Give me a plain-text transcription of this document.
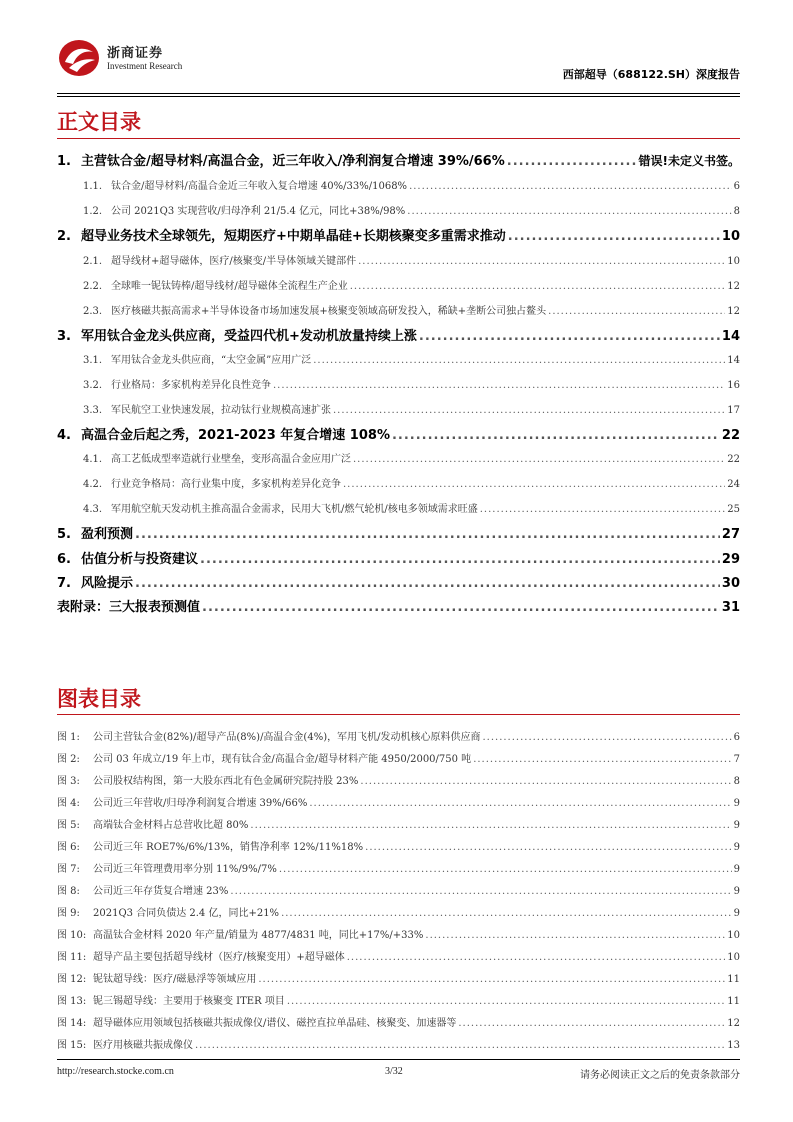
浙商证券
Investment Research
西部超导（688122.SH）深度报告
正文目录
1. 主营钛合金/超导材料/高温合金，近三年收入/净利润复合增速 39%/66% .....	错误!未定义书签。
1.1. 钛合金/超导材料/高温合金近三年收入复合增速 40%/33%/1068% .....	6
1.2. 公司 2021Q3 实现营收/归母净利 21/5.4 亿元，同比+38%/98% .....	8
2. 超导业务技术全球领先，短期医疗+中期单晶硅+长期核聚变多重需求推动 .....	10
2.1. 超导线材+超导磁体，医疗/核聚变/半导体领域关键部件 .....	10
2.2. 全球唯一铌钛铸棒/超导线材/超导磁体全流程生产企业 .....	12
2.3. 医疗核磁共振高需求+半导体设备市场加速发展+核聚变领域高研发投入，稀缺+垄断公司独占鳌头 .....	12
3. 军用钛合金龙头供应商，受益四代机+发动机放量持续上涨 .....	14
3.1. 军用钛合金龙头供应商，“太空金属”应用广泛 .....	14
3.2. 行业格局：多家机构差异化良性竞争 .....	16
3.3. 军民航空工业快速发展，拉动钛行业规模高速扩张 .....	17
4. 高温合金后起之秀，2021-2023 年复合增速 108% .....	22
4.1. 高工艺低成型率造就行业壁垒，变形高温合金应用广泛 .....	22
4.2. 行业竞争格局：高行业集中度，多家机构差异化竞争 .....	24
4.3. 军用航空航天发动机主推高温合金需求，民用大飞机/燃气轮机/核电多领域需求旺盛 .....	25
5. 盈利预测 .....	27
6. 估值分析与投资建议 .....	29
7. 风险提示 .....	30
表附录：三大报表预测值 .....	31
图表目录
图 1: 公司主营钛合金(82%)/超导产品(8%)/高温合金(4%)，军用飞机/发动机核心原料供应商 .....	6
图 2: 公司 03 年成立/19 年上市，现有钛合金/高温合金/超导材料产能 4950/2000/750 吨 .....	7
图 3: 公司股权结构图，第一大股东西北有色金属研究院持股 23% .....	8
图 4: 公司近三年营收/归母净利润复合增速 39%/66% .....	9
图 5: 高端钛合金材料占总营收比超 80% .....	9
图 6: 公司近三年 ROE7%/6%/13%，销售净利率 12%/11%18% .....	9
图 7: 公司近三年管理费用率分别 11%/9%/7% .....	9
图 8: 公司近三年存货复合增速 23% .....	9
图 9: 2021Q3 合同负债达 2.4 亿，同比+21% .....	9
图 10: 高温钛合金材料 2020 年产量/销量为 4877/4831 吨，同比+17%/+33% .....	10
图 11: 超导产品主要包括超导线材（医疗/核聚变用）+超导磁体 .....	10
图 12: 铌钛超导线：医疗/磁悬浮等领域应用 .....	11
图 13: 铌三锡超导线：主要用于核聚变 ITER 项目 .....	11
图 14: 超导磁体应用领域包括核磁共振成像仪/谱仪、磁控直拉单晶硅、核聚变、加速器等 .....	12
图 15: 医疗用核磁共振成像仪 .....	13
http://research.stocke.com.cn	3/32	请务必阅读正文之后的免责条款部分
